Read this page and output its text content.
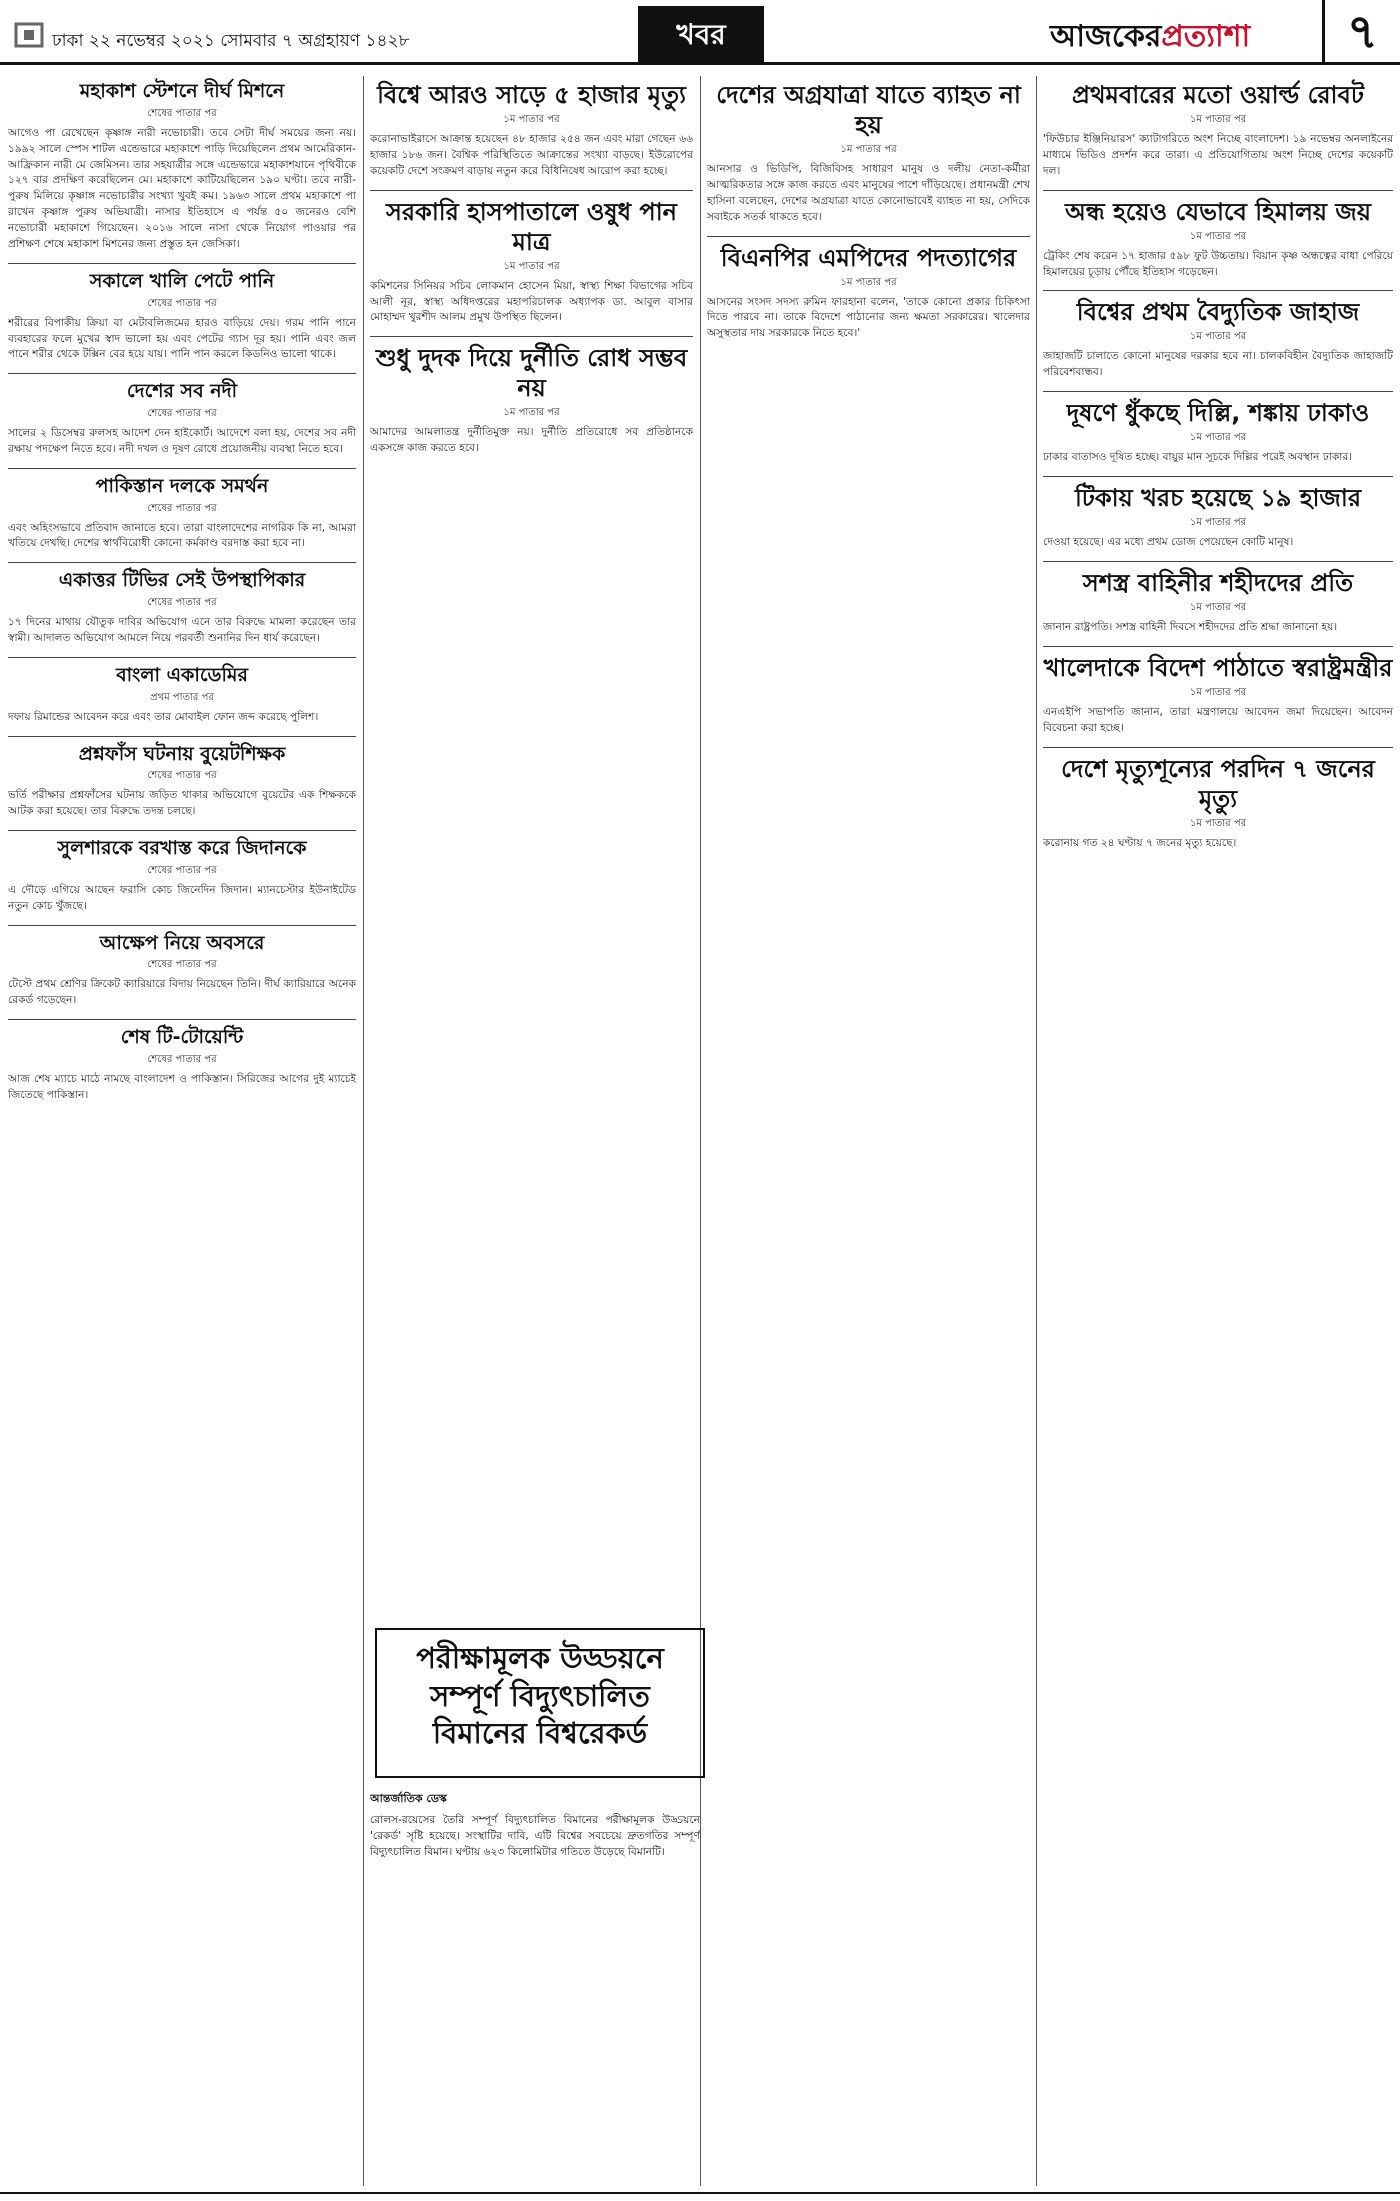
ঢাকা ২২ নভেম্বর ২০২১ সোমবার ৭ অগ্রহায়ণ ১৪২৮	খবর	আজকেরপ্রত্যাশা	৭
মহাকাশ স্টেশনে দীর্ঘ মিশনে
শেষের পাতার পর

আগেও পা রেখেছেন কৃষ্ণাঙ্গ নারী নভোচারী। তবে সেটা দীর্ঘ সময়ের জন্য নয়। ১৯৯২ সালে স্পেস শাটল এন্ডেভারে মহাকাশে পাড়ি দিয়েছিলেন প্রথম আমেরিকান-আফ্রিকান নারী মে জেমিসন। তার সহযাত্রীর সঙ্গে এন্ডেভারে মহাকাশযানে পৃথিবীকে ১২৭ বার প্রদক্ষিণ করেছিলেন মে। মহাকাশে কাটিয়েছিলেন ১৯০ ঘণ্টা। তবে নারী-পুরুষ মিলিয়ে কৃষ্ণাঙ্গ নভোচারীর সংখ্যা খুবই কম। ১৯৬৩ সালে প্রথম মহাকাশে পা রাখেন কৃষ্ণাঙ্গ পুরুষ অভিযাত্রী। নাসার ইতিহাসে এ পর্যন্ত ৫০ জনেরও বেশি নভোচারী মহাকাশে গিয়েছেন। ২০১৬ সালে নাসা থেকে নিয়োগ পাওয়ার পর প্রশিক্ষণ শেষে মহাকাশ মিশনের জন্য প্রস্তুত হন জেসিকা।

সকালে খালি পেটে পানি
শেষের পাতার পর

শরীরের বিপাকীয় ক্রিয়া বা মেটাবলিজমের হারও বাড়িয়ে দেয়। গরম পানি পানে ব্যবহারের ফলে মুখের স্বাদ ভালো হয় এবং পেটের গ্যাস দূর হয়। পানি এবং জল পানে শরীর থেকে টক্সিন বের হয়ে যায়। পানি পান করলে কিডনিও ভালো থাকে।

দেশের সব নদী
শেষের পাতার পর

সালের ২ ডিসেম্বর রুলসহ আদেশ দেন হাইকোর্ট। আদেশে বলা হয়, দেশের সব নদী রক্ষায় পদক্ষেপ নিতে হবে। নদী দখল ও দূষণ রোধে প্রয়োজনীয় ব্যবস্থা নিতে হবে।

পাকিস্তান দলকে সমর্থন
শেষের পাতার পর

এবং অহিংসভাবে প্রতিবাদ জানাতে হবে। তারা বাংলাদেশের নাগরিক কি না, আমরা খতিয়ে দেখছি। দেশের স্বার্থবিরোধী কোনো কর্মকাণ্ড বরদাস্ত করা হবে না।

একাত্তর টিভির সেই উপস্থাপিকার
শেষের পাতার পর

১৭ দিনের মাথায় যৌতুক দাবির অভিযোগ এনে তার বিরুদ্ধে মামলা করেছেন তার স্বামী। আদালত অভিযোগ আমলে নিয়ে পরবর্তী শুনানির দিন ধার্য করেছেন।

বাংলা একাডেমির
প্রথম পাতার পর

দফায় রিমান্ডের আবেদন করে এবং তার মোবাইল ফোন জব্দ করেছে পুলিশ।

প্রশ্নফাঁস ঘটনায় বুয়েটশিক্ষক
শেষের পাতার পর

ভর্তি পরীক্ষার প্রশ্নফাঁসের ঘটনায় জড়িত থাকার অভিযোগে বুয়েটের এক শিক্ষককে আটক করা হয়েছে। তার বিরুদ্ধে তদন্ত চলছে।

সুলশারকে বরখাস্ত করে জিদানকে
শেষের পাতার পর

এ দৌড়ে এগিয়ে আছেন ফরাসি কোচ জিনেদিন জিদান। ম্যানচেস্টার ইউনাইটেড নতুন কোচ খুঁজছে।

আক্ষেপ নিয়ে অবসরে
শেষের পাতার পর

টেস্টে প্রথম শ্রেণির ক্রিকেট ক্যারিয়ারে বিদায় নিয়েছেন তিনি। দীর্ঘ ক্যারিয়ারে অনেক রেকর্ড গড়েছেন।

শেষ টি-টোয়েন্টি
শেষের পাতার পর

আজ শেষ ম্যাচে মাঠে নামছে বাংলাদেশ ও পাকিস্তান। সিরিজের আগের দুই ম্যাচেই জিতেছে পাকিস্তান।

বিশ্বে আরও সাড়ে ৫ হাজার মৃত্যু
১ম পাতার পর

করোনাভাইরাসে আক্রান্ত হয়েছেন ৪৮ হাজার ২৫৪ জন এবং মারা গেছেন ৬৬ হাজার ১৮৬ জন। বৈশ্বিক পরিস্থিতিতে আক্রান্তের সংখ্যা বাড়ছে। ইউরোপের কয়েকটি দেশে সংক্রমণ বাড়ায় নতুন করে বিধিনিষেধ আরোপ করা হচ্ছে।

সরকারি হাসপাতালে ওষুধ পান মাত্র
১ম পাতার পর

কমিশনের সিনিয়র সচিব লোকমান হোসেন মিয়া, স্বাস্থ্য শিক্ষা বিভাগের সচিব আলী নূর, স্বাস্থ্য অধিদপ্তরের মহাপরিচালক অধ্যাপক ডা. আবুল বাসার মোহাম্মদ খুরশীদ আলম প্রমুখ উপস্থিত ছিলেন।

শুধু দুদক দিয়ে দুর্নীতি রোধ সম্ভব নয়
১ম পাতার পর

আমাদের আমলাতন্ত্র দুর্নীতিমুক্ত নয়। দুর্নীতি প্রতিরোধে সব প্রতিষ্ঠানকে একসঙ্গে কাজ করতে হবে।

দেশের অগ্রযাত্রা যাতে ব্যাহত না হয়
১ম পাতার পর

আনসার ও ভিডিপি, বিজিবিসহ সাধারণ মানুষ ও দলীয় নেতা-কর্মীরা আত্মরিকতার সঙ্গে কাজ করতে এবং মানুষের পাশে দাঁড়িয়েছে। প্রধানমন্ত্রী শেখ হাসিনা বলেছেন, দেশের অগ্রযাত্রা যাতে কোনোভাবেই ব্যাহত না হয়, সেদিকে সবাইকে সতর্ক থাকতে হবে।

বিএনপির এমপিদের পদত্যাগের
১ম পাতার পর

আসনের সংসদ সদস্য রুমিন ফারহানা বলেন, 'তাকে কোনো প্রকার চিকিৎসা দিতে পারবে না। তাকে বিদেশে পাঠানোর জন্য ক্ষমতা সরকারের। খালেদার অসুস্থতার দায় সরকারকে নিতে হবে।'

পরীক্ষামূলক উড্ডয়নে
সম্পূর্ণ বিদ্যুৎচালিত
বিমানের বিশ্বরেকর্ড
আন্তর্জাতিক ডেস্ক

রোলস-রয়েসের তৈরি সম্পূর্ণ বিদ্যুৎচালিত বিমানের পরীক্ষামূলক উড্ডয়নে 'রেকর্ড' সৃষ্টি হয়েছে। সংস্থাটির দাবি, এটি বিশ্বের সবচেয়ে দ্রুতগতির সম্পূর্ণ বিদ্যুৎচালিত বিমান। ঘণ্টায় ৬২৩ কিলোমিটার গতিতে উড়েছে বিমানটি।

প্রথমবারের মতো ওয়ার্ল্ড রোবট
১ম পাতার পর

'ফিউচার ইঞ্জিনিয়ারস' ক্যাটাগরিতে অংশ নিচ্ছে বাংলাদেশ। ১৯ নভেম্বর অনলাইনের মাধ্যমে ভিডিও প্রদর্শন করে তারা। এ প্রতিযোগিতায় অংশ নিচ্ছে দেশের কয়েকটি দল।

অন্ধ হয়েও যেভাবে হিমালয় জয়
১ম পাতার পর

ট্রেকিং শেষ করেন ১৭ হাজার ৫৯৮ ফুট উচ্চতায়। বিয়ান কৃষ্ণ অন্ধত্বের বাধা পেরিয়ে হিমালয়ের চূড়ায় পৌঁছে ইতিহাস গড়েছেন।

বিশ্বের প্রথম বৈদ্যুতিক জাহাজ
১ম পাতার পর

জাহাজটি চালাতে কোনো মানুষের দরকার হবে না। চালকবিহীন বৈদ্যুতিক জাহাজটি পরিবেশবান্ধব।

দূষণে ধুঁকছে দিল্লি, শঙ্কায় ঢাকাও
১ম পাতার পর

ঢাকার বাতাসও দূষিত হচ্ছে। বায়ুর মান সূচকে দিল্লির পরেই অবস্থান ঢাকার।

টিকায় খরচ হয়েছে ১৯ হাজার
১ম পাতার পর

দেওয়া হয়েছে। এর মধ্যে প্রথম ডোজ পেয়েছেন কোটি মানুষ।

সশস্ত্র বাহিনীর শহীদদের প্রতি
১ম পাতার পর

জানান রাষ্ট্রপতি। সশস্ত্র বাহিনী দিবসে শহীদদের প্রতি শ্রদ্ধা জানানো হয়।

খালেদাকে বিদেশ পাঠাতে স্বরাষ্ট্রমন্ত্রীর
১ম পাতার পর

এনএইপি সভাপতি জানান, তারা মন্ত্রণালয়ে আবেদন জমা দিয়েছেন। আবেদন বিবেচনা করা হচ্ছে।

দেশে মৃত্যুশূন্যের পরদিন ৭ জনের মৃত্যু
১ম পাতার পর

করোনায় গত ২৪ ঘণ্টায় ৭ জনের মৃত্যু হয়েছে।
